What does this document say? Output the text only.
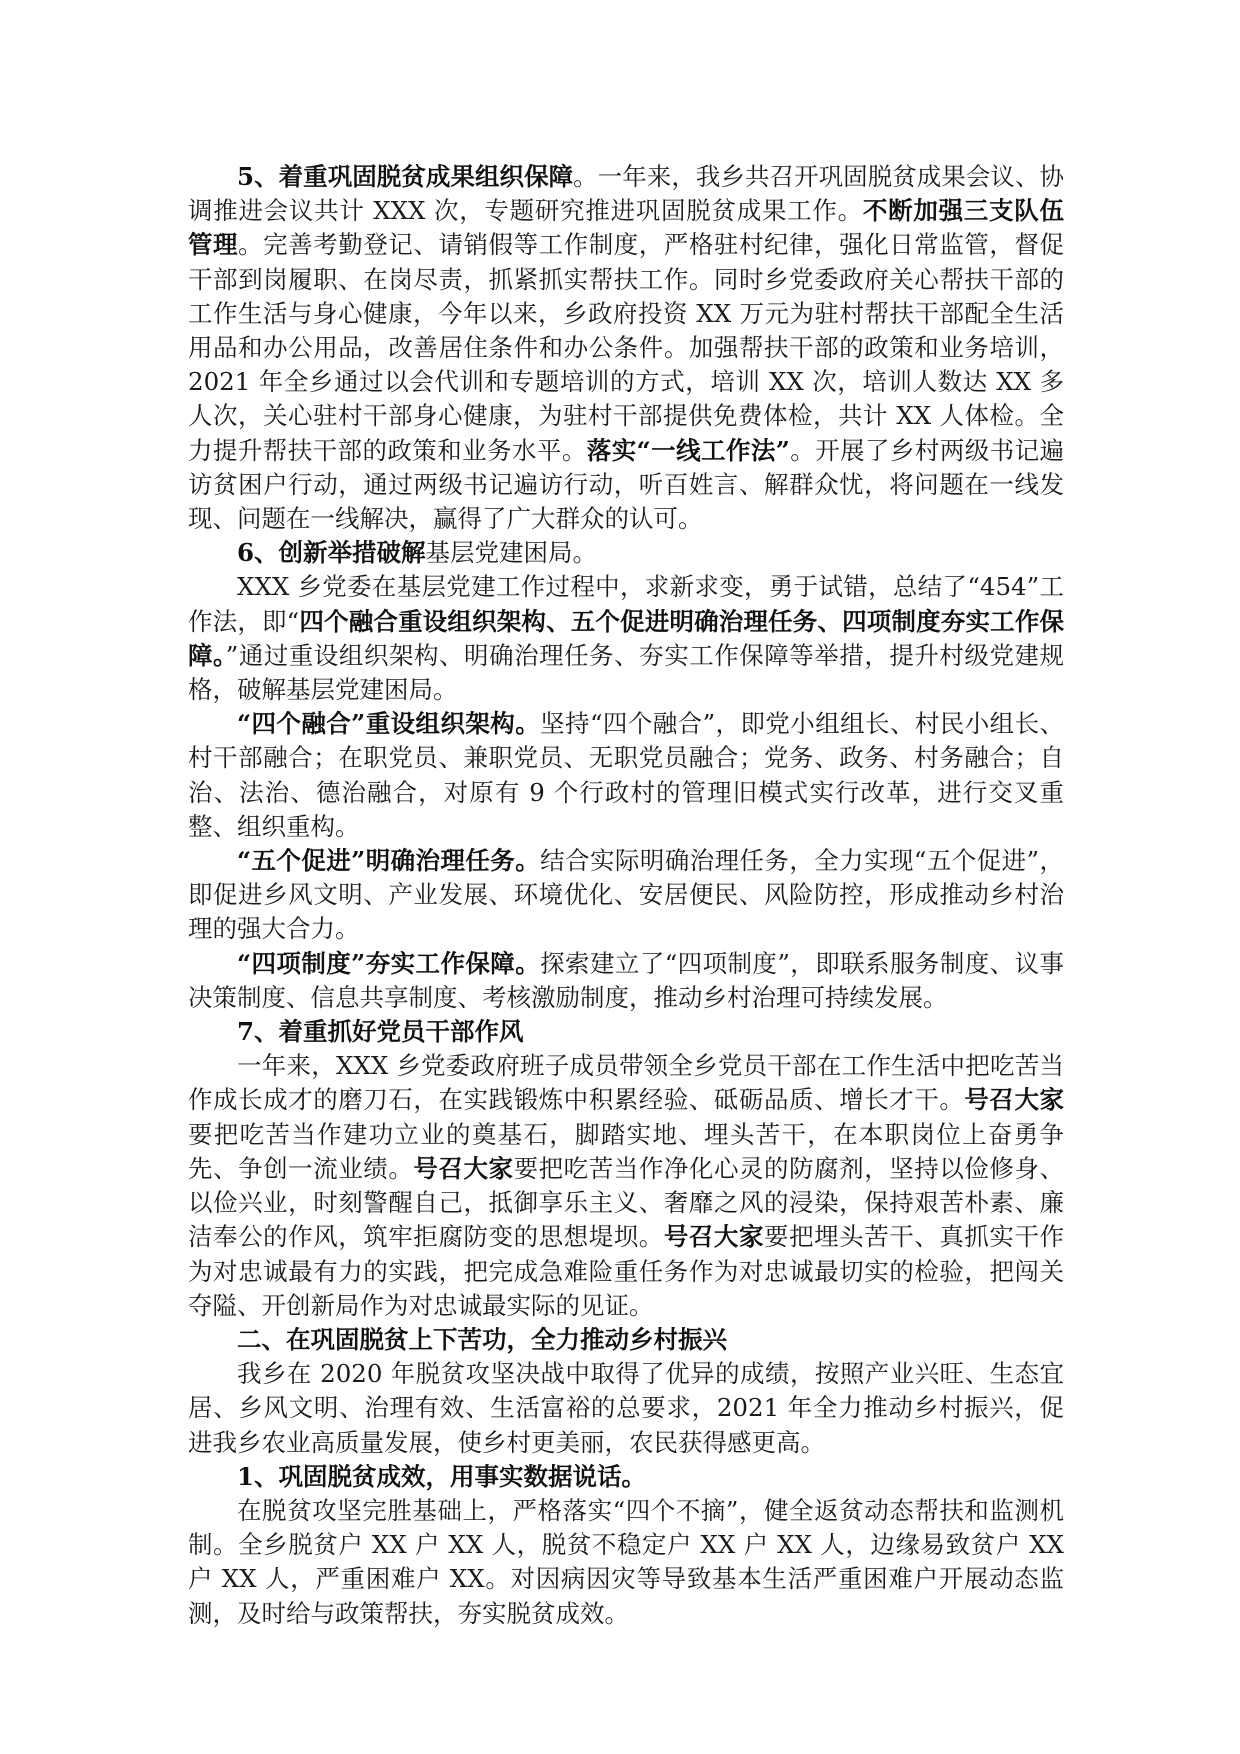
5、着重巩固脱贫成果组织保障。一年来，我乡共召开巩固脱贫成果会议、协调推进会议共计 XXX 次，专题研究推进巩固脱贫成果工作。不断加强三支队伍管理。完善考勤登记、请销假等工作制度，严格驻村纪律，强化日常监管，督促干部到岗履职、在岗尽责，抓紧抓实帮扶工作。同时乡党委政府关心帮扶干部的工作生活与身心健康，今年以来，乡政府投资 XX 万元为驻村帮扶干部配全生活用品和办公用品，改善居住条件和办公条件。加强帮扶干部的政策和业务培训，2021 年全乡通过以会代训和专题培训的方式，培训 XX 次，培训人数达 XX 多人次，关心驻村干部身心健康，为驻村干部提供免费体检，共计 XX 人体检。全力提升帮扶干部的政策和业务水平。落实“一线工作法”。开展了乡村两级书记遍访贫困户行动，通过两级书记遍访行动，听百姓言、解群众忧，将问题在一线发现、问题在一线解决，赢得了广大群众的认可。

6、创新举措破解基层党建困局。

XXX 乡党委在基层党建工作过程中，求新求变，勇于试错，总结了“454”工作法，即“四个融合重设组织架构、五个促进明确治理任务、四项制度夯实工作保障。”通过重设组织架构、明确治理任务、夯实工作保障等举措，提升村级党建规格，破解基层党建困局。

“四个融合”重设组织架构。坚持“四个融合”，即党小组组长、村民小组长、村干部融合；在职党员、兼职党员、无职党员融合；党务、政务、村务融合；自治、法治、德治融合，对原有 9 个行政村的管理旧模式实行改革，进行交叉重整、组织重构。

“五个促进”明确治理任务。结合实际明确治理任务，全力实现“五个促进”，即促进乡风文明、产业发展、环境优化、安居便民、风险防控，形成推动乡村治理的强大合力。

“四项制度”夯实工作保障。探索建立了“四项制度”，即联系服务制度、议事决策制度、信息共享制度、考核激励制度，推动乡村治理可持续发展。

7、着重抓好党员干部作风

一年来，XXX 乡党委政府班子成员带领全乡党员干部在工作生活中把吃苦当作成长成才的磨刀石，在实践锻炼中积累经验、砥砺品质、增长才干。号召大家要把吃苦当作建功立业的奠基石，脚踏实地、埋头苦干，在本职岗位上奋勇争先、争创一流业绩。号召大家要把吃苦当作净化心灵的防腐剂，坚持以俭修身、以俭兴业，时刻警醒自己，抵御享乐主义、奢靡之风的浸染，保持艰苦朴素、廉洁奉公的作风，筑牢拒腐防变的思想堤坝。号召大家要把埋头苦干、真抓实干作为对忠诚最有力的实践，把完成急难险重任务作为对忠诚最切实的检验，把闯关夺隘、开创新局作为对忠诚最实际的见证。

二、在巩固脱贫上下苦功，全力推动乡村振兴

我乡在 2020 年脱贫攻坚决战中取得了优异的成绩，按照产业兴旺、生态宜居、乡风文明、治理有效、生活富裕的总要求，2021 年全力推动乡村振兴，促进我乡农业高质量发展，使乡村更美丽，农民获得感更高。

1、巩固脱贫成效，用事实数据说话。

在脱贫攻坚完胜基础上，严格落实“四个不摘”，健全返贫动态帮扶和监测机制。全乡脱贫户 XX 户 XX 人，脱贫不稳定户 XX 户 XX 人，边缘易致贫户 XX 户 XX 人，严重困难户 XX。对因病因灾等导致基本生活严重困难户开展动态监测，及时给与政策帮扶，夯实脱贫成效。
